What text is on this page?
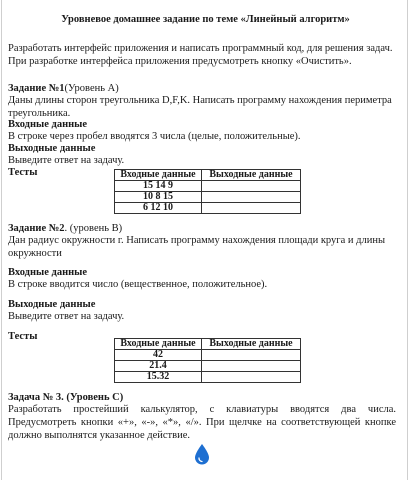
Уровневое домашнее задание по теме «Линейный алгоритм»

Разработать интерфейс приложения и написать программный код, для решения задач. При разработке интерфейса приложения предусмотреть кнопку «Очистить».

Задание №1(Уровень А)

Даны длины сторон треугольника D,F,K. Написать программу нахождения периметра треугольника.

Входные данные

В строке через пробел вводятся 3 числа (целые, положительные).

Выходные данные

Выведите ответ на задачу.

Тесты	Входные данные	Выходные данные
15 14 9	
10 8 15	
6 12 10	

Задание №2. (уровень В)

Дан радиус окружности г. Написать программу нахождения площади круга и длины окружности

Входные данные

В строке вводится число (вещественное, положительное).

Выходные данные

Выведите ответ на задачу.

Тесты

Входные данные	Выходные данные
42	
21.4	
15.32	

Задача № 3. (Уровень С)

Разработать простейший калькулятор, с клавиатуры вводятся два числа. Предусмотреть кнопки «+», «-», «*», «/». При щелчке на соответствующей кнопке должно выполнятся указанное действие.
